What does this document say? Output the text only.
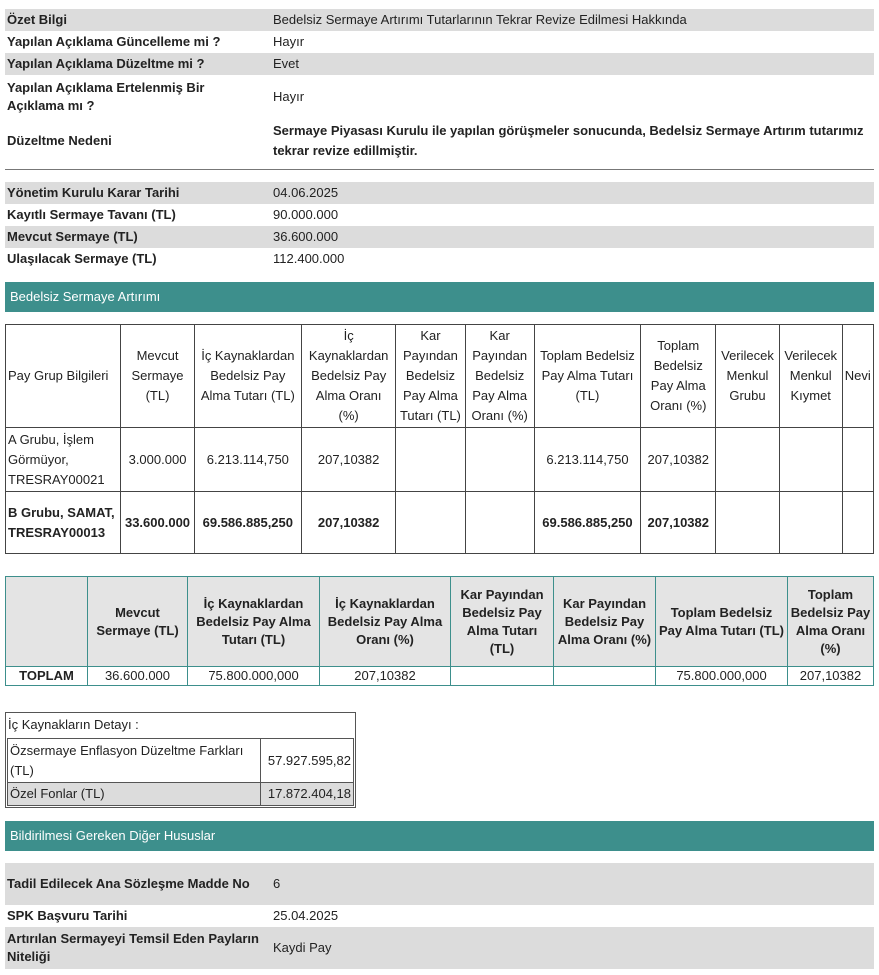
Özet Bilgi	Bedelsiz Sermaye Artırımı Tutarlarının Tekrar Revize Edilmesi Hakkında
Yapılan Açıklama Güncelleme mi ?	Hayır
Yapılan Açıklama Düzeltme mi ?	Evet
Yapılan Açıklama Ertelenmiş Bir Açıklama mı ?	Hayır
Düzeltme Nedeni	Sermaye Piyasası Kurulu ile yapılan görüşmeler sonucunda, Bedelsiz Sermaye Artırım tutarımız tekrar revize edillmiştir.
Yönetim Kurulu Karar Tarihi	04.06.2025
Kayıtlı Sermaye Tavanı (TL)	90.000.000
Mevcut Sermaye (TL)	36.600.000
Ulaşılacak Sermaye (TL)	112.400.000
Bedelsiz Sermaye Artırımı
Pay Grup Bilgileri	Mevcut Sermaye (TL)	İç Kaynaklardan Bedelsiz Pay Alma Tutarı (TL)	İç Kaynaklardan Bedelsiz Pay Alma Oranı (%)	Kar Payından Bedelsiz Pay Alma Tutarı (TL)	Kar Payından Bedelsiz Pay Alma Oranı (%)	Toplam Bedelsiz Pay Alma Tutarı (TL)	Toplam Bedelsiz Pay Alma Oranı (%)	Verilecek Menkul Grubu	Verilecek Menkul Kıymet	Nevi
A Grubu, İşlem Görmüyor, TRESRAY00021	3.000.000	6.213.114,750	207,10382			6.213.114,750	207,10382			
B Grubu, SAMAT, TRESRAY00013	33.600.000	69.586.885,250	207,10382			69.586.885,250	207,10382			
	Mevcut Sermaye (TL)	İç Kaynaklardan Bedelsiz Pay Alma Tutarı (TL)	İç Kaynaklardan Bedelsiz Pay Alma Oranı (%)	Kar Payından Bedelsiz Pay Alma Tutarı (TL)	Kar Payından Bedelsiz Pay Alma Oranı (%)	Toplam Bedelsiz Pay Alma Tutarı (TL)	Toplam Bedelsiz Pay Alma Oranı (%)
TOPLAM	36.600.000	75.800.000,000	207,10382			75.800.000,000	207,10382
İç Kaynakların Detayı :
Özsermaye Enflasyon Düzeltme Farkları (TL)	57.927.595,82
Özel Fonlar (TL)	17.872.404,18
Bildirilmesi Gereken Diğer Hususlar
Tadil Edilecek Ana Sözleşme Madde No	6
SPK Başvuru Tarihi	25.04.2025
Artırılan Sermayeyi Temsil Eden Payların Niteliği	Kaydi Pay
